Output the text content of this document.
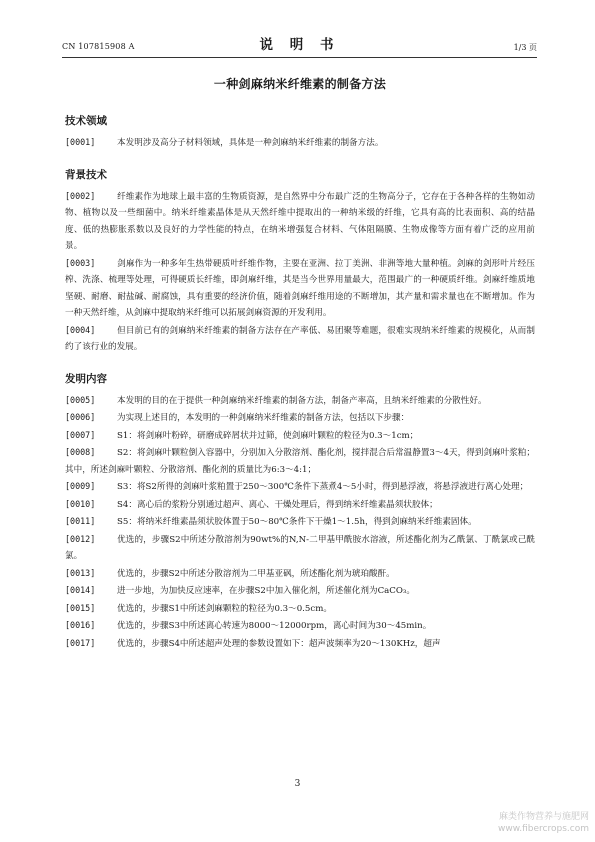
CN 107815908 A	说 明 书	1/3 页
一种剑麻纳米纤维素的制备方法
技术领域

[0001]	本发明涉及高分子材料领域，具体是一种剑麻纳米纤维素的制备方法。

背景技术

[0002]	纤维素作为地球上最丰富的生物质资源，是自然界中分布最广泛的生物高分子，它存在于各种各样的生物如动物、植物以及一些细菌中。纳米纤维素晶体是从天然纤维中提取出的一种纳米级的纤维，它具有高的比表面积、高的结晶度、低的热膨胀系数以及良好的力学性能的特点，在纳米增强复合材料、气体阻隔膜、生物成像等方面有着广泛的应用前景。

[0003]	剑麻作为一种多年生热带硬质叶纤维作物，主要在亚洲、拉丁美洲、非洲等地大量种植。剑麻的剑形叶片经压榨、洗涤、梳理等处理，可得硬质长纤维，即剑麻纤维，其是当今世界用量最大，范围最广的一种硬质纤维。剑麻纤维质地坚硬、耐磨、耐盐碱、耐腐蚀，具有重要的经济价值，随着剑麻纤维用途的不断增加，其产量和需求量也在不断增加。作为一种天然纤维，从剑麻中提取纳米纤维可以拓展剑麻资源的开发利用。

[0004]	但目前已有的剑麻纳米纤维素的制备方法存在产率低、易团聚等难题，很难实现纳米纤维素的规模化，从而制约了该行业的发展。

发明内容

[0005]	本发明的目的在于提供一种剑麻纳米纤维素的制备方法，制备产率高，且纳米纤维素的分散性好。

[0006]	为实现上述目的，本发明的一种剑麻纳米纤维素的制备方法，包括以下步骤：

[0007]	S1：将剑麻叶粉碎，研磨成碎屑状并过筛，使剑麻叶颗粒的粒径为0.3～1cm；

[0008]	S2：将剑麻叶颗粒倒入容器中，分别加入分散溶剂、酯化剂，搅拌混合后常温静置3～4天，得到剑麻叶浆粕；其中，所述剑麻叶颗粒、分散溶剂、酯化剂的质量比为6:3～4:1；

[0009]	S3：将S2所得的剑麻叶浆粕置于250～300℃条件下蒸煮4～5小时，得到悬浮液，将悬浮液进行离心处理；

[0010]	S4：离心后的浆粉分别通过超声、离心、干燥处理后，得到纳米纤维素晶须状胶体；

[0011]	S5：将纳米纤维素晶须状胶体置于50～80℃条件下干燥1～1.5h，得到剑麻纳米纤维素固体。

[0012]	优选的，步骤S2中所述分散溶剂为90wt%的N,N-二甲基甲酰胺水溶液，所述酯化剂为乙酰氯、丁酰氯或己酰氯。

[0013]	优选的，步骤S2中所述分散溶剂为二甲基亚砜，所述酯化剂为琥珀酸酐。

[0014]	进一步地，为加快反应速率，在步骤S2中加入催化剂，所述催化剂为CaCO₃。

[0015]	优选的，步骤S1中所述剑麻颗粒的粒径为0.3～0.5cm。

[0016]	优选的，步骤S3中所述离心转速为8000～12000rpm，离心时间为30～45min。

[0017]	优选的，步骤S4中所述超声处理的参数设置如下：超声波频率为20～130KHz，超声

3
麻类作物营养与施肥网
www.fibercrops.com
